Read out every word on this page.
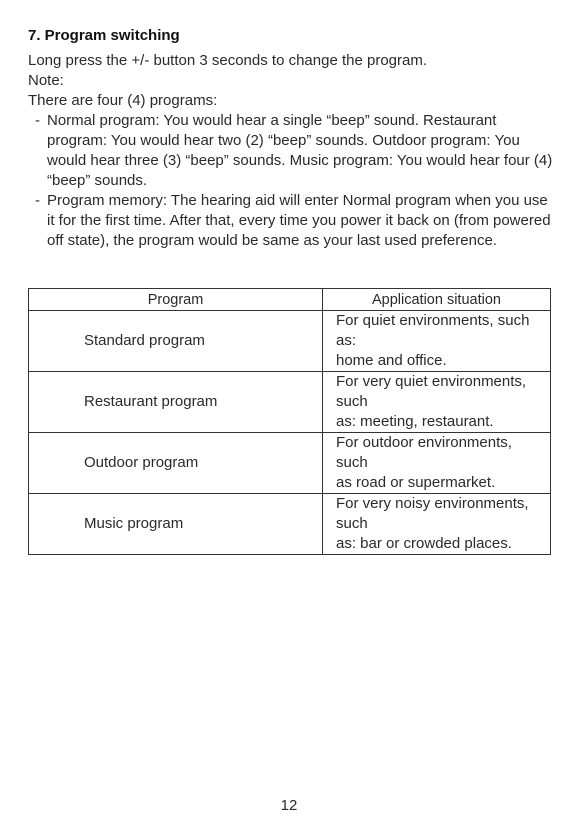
7. Program switching

Long press the +/- button 3 seconds to change the program.

Note:

There are four (4) programs:

- Normal program: You would hear a single “beep” sound. Restaurant program: You would hear two (2) “beep” sounds. Outdoor program: You would hear three (3) “beep” sounds. Music program: You would hear four (4) “beep” sounds.
- Program memory: The hearing aid will enter Normal program when you use it for the first time. After that, every time you power it back on (from powered off state), the program would be same as your last used preference.
Program	Application situation
Standard program	For quiet environments, such as:
home and office.

Restaurant program	For very quiet environments, such
as: meeting, restaurant.

Outdoor program	For outdoor environments, such
as road or supermarket.

Music program	For very noisy environments, such
as: bar or crowded places.
12
